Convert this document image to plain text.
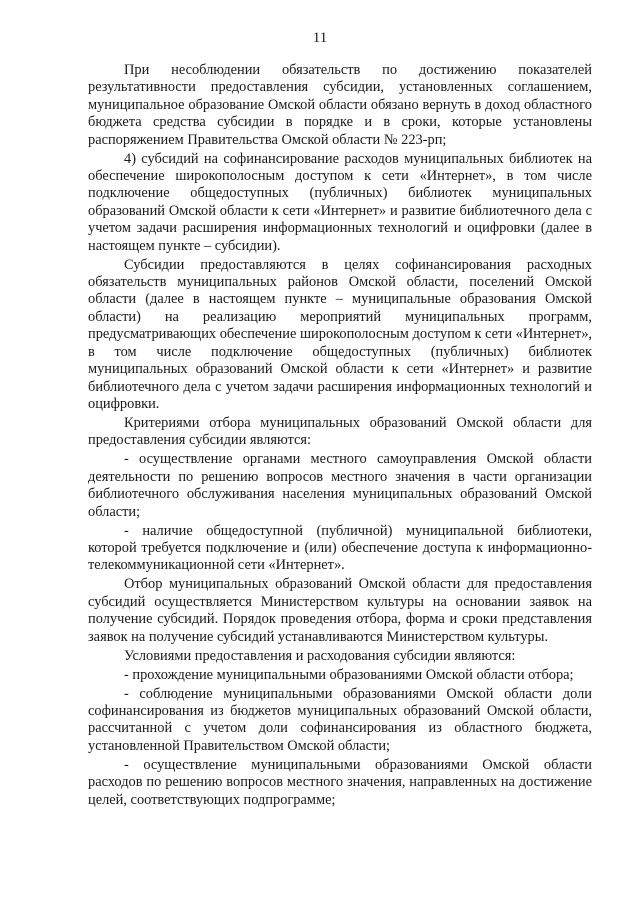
11

При несоблюдении обязательств по достижению показателей результативности предоставления субсидии, установленных соглашением, муниципальное образование Омской области обязано вернуть в доход областного бюджета средства субсидии в порядке и в сроки, которые установлены распоряжением Правительства Омской области № 223-рп;

4) субсидий на софинансирование расходов муниципальных библиотек на обеспечение широкополосным доступом к сети «Интернет», в том числе подключение общедоступных (публичных) библиотек муниципальных образований Омской области к сети «Интернет» и развитие библиотечного дела с учетом задачи расширения информационных технологий и оцифровки (далее в настоящем пункте – субсидии).

Субсидии предоставляются в целях софинансирования расходных обязательств муниципальных районов Омской области, поселений Омской области (далее в настоящем пункте – муниципальные образования Омской области) на реализацию мероприятий муниципальных программ, предусматривающих обеспечение широкополосным доступом к сети «Интернет», в том числе подключение общедоступных (публичных) библиотек муниципальных образований Омской области к сети «Интернет» и развитие библиотечного дела с учетом задачи расширения информационных технологий и оцифровки.

Критериями отбора муниципальных образований Омской области для предоставления субсидии являются:

- осуществление органами местного самоуправления Омской области деятельности по решению вопросов местного значения в части организации библиотечного обслуживания населения муниципальных образований Омской области;

- наличие общедоступной (публичной) муниципальной библиотеки, которой требуется подключение и (или) обеспечение доступа к информационно-телекоммуникационной сети «Интернет».

Отбор муниципальных образований Омской области для предоставления субсидий осуществляется Министерством культуры на основании заявок на получение субсидий. Порядок проведения отбора, форма и сроки представления заявок на получение субсидий устанавливаются Министерством культуры.

Условиями предоставления и расходования субсидии являются:

- прохождение муниципальными образованиями Омской области отбора;

- соблюдение муниципальными образованиями Омской области доли софинансирования из бюджетов муниципальных образований Омской области, рассчитанной с учетом доли софинансирования из областного бюджета, установленной Правительством Омской области;

- осуществление муниципальными образованиями Омской области расходов по решению вопросов местного значения, направленных на достижение целей, соответствующих подпрограмме;
